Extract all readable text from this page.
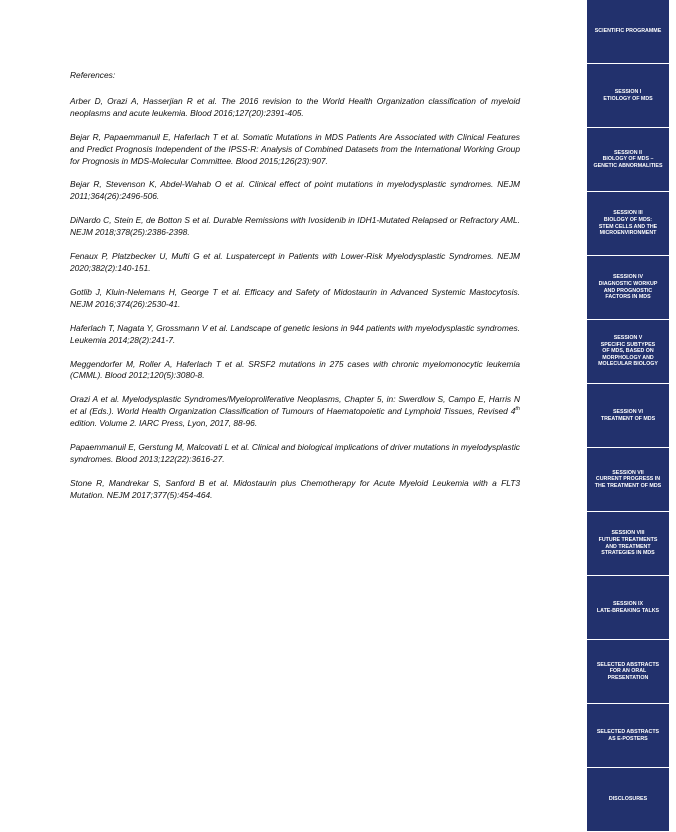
References:

Arber D, Orazi A, Hasserjian R et al. The 2016 revision to the World Health Organization classification of myeloid neoplasms and acute leukemia. Blood 2016;127(20):2391-405.

Bejar R, Papaemmanuil E, Haferlach T et al. Somatic Mutations in MDS Patients Are Associated with Clinical Features and Predict Prognosis Independent of the IPSS-R: Analysis of Combined Datasets from the International Working Group for Prognosis in MDS-Molecular Committee. Blood 2015;126(23):907.

Bejar R, Stevenson K, Abdel-Wahab O et al. Clinical effect of point mutations in myelodysplastic syndromes. NEJM 2011;364(26):2496-506.

DiNardo C, Stein E, de Botton S et al. Durable Remissions with Ivosidenib in IDH1-Mutated Relapsed or Refractory AML. NEJM 2018;378(25):2386-2398.

Fenaux P, Platzbecker U, Mufti G et al. Luspatercept in Patients with Lower-Risk Myelodysplastic Syndromes. NEJM 2020;382(2):140-151.

Gotlib J, Kluin-Nelemans H, George T et al. Efficacy and Safety of Midostaurin in Advanced Systemic Mastocytosis. NEJM 2016;374(26):2530-41.

Haferlach T, Nagata Y, Grossmann V et al. Landscape of genetic lesions in 944 patients with myelodysplastic syndromes. Leukemia 2014;28(2):241-7.

Meggendorfer M, Roller A, Haferlach T et al. SRSF2 mutations in 275 cases with chronic myelomonocytic leukemia (CMML). Blood 2012;120(5):3080-8.

Orazi A et al. Myelodysplastic Syndromes/Myeloproliferative Neoplasms, Chapter 5, in: Swerdlow S, Campo E, Harris N et al (Eds.). World Health Organization Classification of Tumours of Haematopoietic and Lymphoid Tissues, Revised 4th edition. Volume 2. IARC Press, Lyon, 2017, 88-96.

Papaemmanuil E, Gerstung M, Malcovati L et al. Clinical and biological implications of driver mutations in myelodysplastic syndromes. Blood 2013;122(22):3616-27.

Stone R, Mandrekar S, Sanford B et al. Midostaurin plus Chemotherapy for Acute Myeloid Leukemia with a FLT3 Mutation. NEJM 2017;377(5):454-464.

SCIENTIFIC PROGRAMME
SESSION I
ETIOLOGY OF MDS
SESSION II
BIOLOGY OF MDS –
GENETIC ABNORMALITIES
SESSION III
BIOLOGY OF MDS:
STEM CELLS AND THE
MICROENVIRONMENT
SESSION IV
DIAGNOSTIC WORKUP
AND PROGNOSTIC
FACTORS IN MDS
SESSION V
SPECIFIC SUBTYPES
OF MDS, BASED ON
MORPHOLOGY AND
MOLECULAR BIOLOGY
SESSION VI
TREATMENT OF MDS
SESSION VII
CURRENT PROGRESS IN
THE TREATMENT OF MDS
SESSION VIII
FUTURE TREATMENTS
AND TREATMENT
STRATEGIES IN MDS
SESSION IX
LATE-BREAKING TALKS
SELECTED ABSTRACTS
FOR AN ORAL
PRESENTATION
SELECTED ABSTRACTS
AS E-POSTERS
DISCLOSURES
